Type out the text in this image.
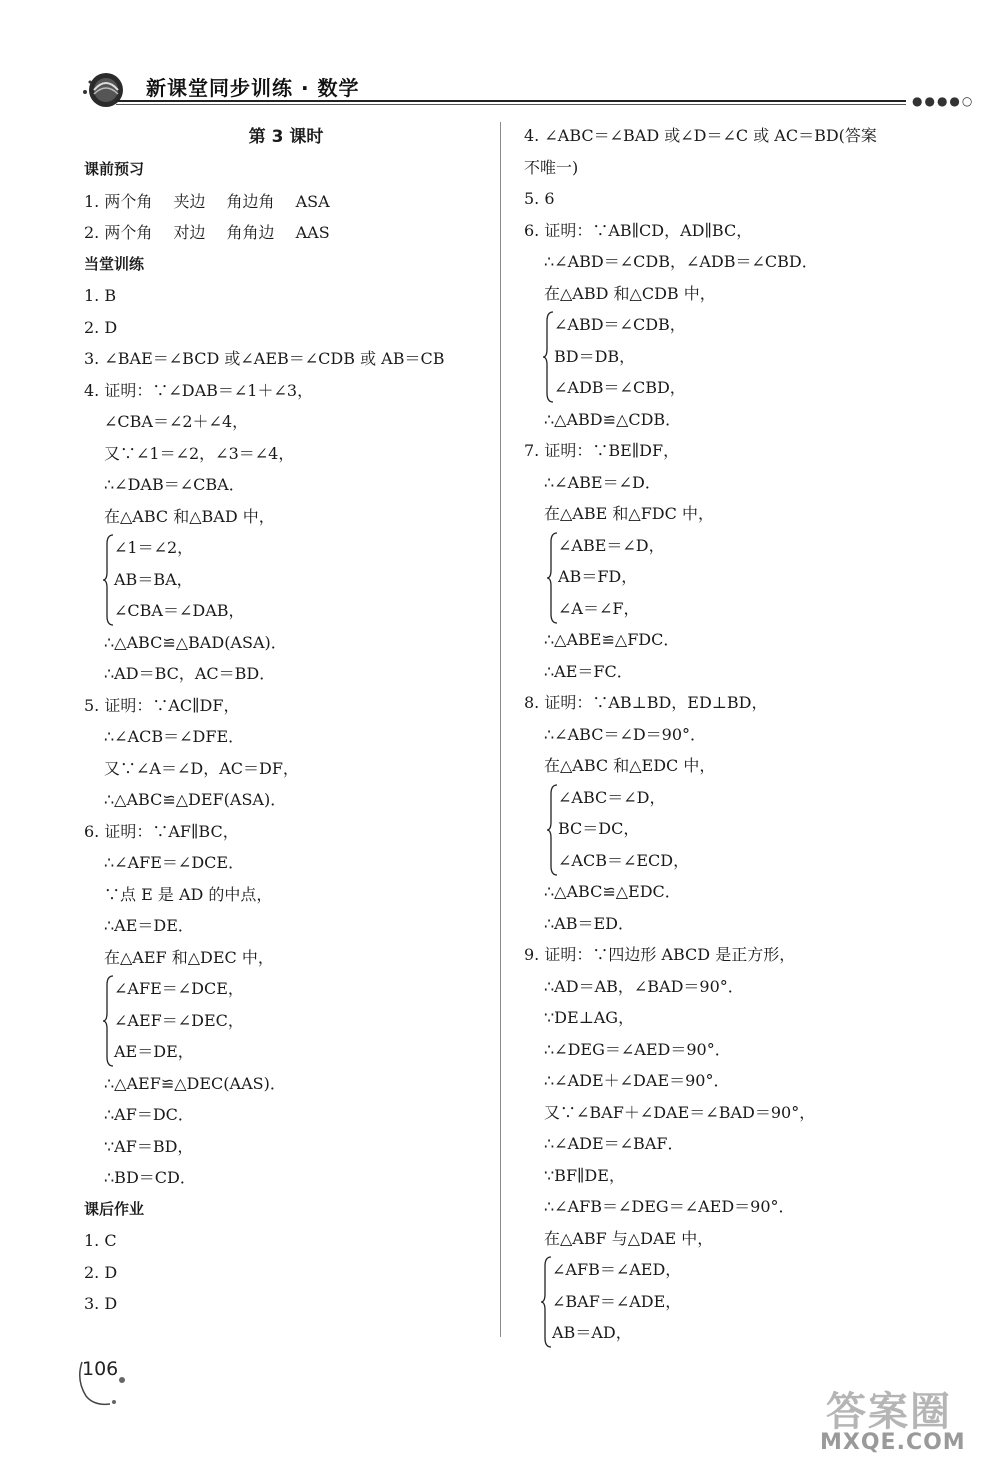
新课堂同步训练 · 数学
●●●●○
第 3 课时
课前预习
1. 两个角　 夹边　 角边角　 ASA
2. 两个角　 对边　 角角边　 AAS
当堂训练
1. B
2. D
3. ∠BAE＝∠BCD 或∠AEB＝∠CDB 或 AB＝CB
4. 证明：∵∠DAB＝∠1＋∠3，
∠CBA＝∠2＋∠4，
又∵∠1＝∠2，∠3＝∠4，
∴∠DAB＝∠CBA．
在△ABC 和△BAD 中，
∠1＝∠2，
AB＝BA，
∠CBA＝∠DAB，
∴△ABC≌△BAD(ASA)．
∴AD＝BC，AC＝BD．
5. 证明：∵AC∥DF，
∴∠ACB＝∠DFE．
又∵∠A＝∠D，AC＝DF，
∴△ABC≌△DEF(ASA)．
6. 证明：∵AF∥BC，
∴∠AFE＝∠DCE．
∵点 E 是 AD 的中点，
∴AE＝DE．
在△AEF 和△DEC 中，
∠AFE＝∠DCE，
∠AEF＝∠DEC，
AE＝DE，
∴△AEF≌△DEC(AAS)．
∴AF＝DC．
∵AF＝BD，
∴BD＝CD．
课后作业
1. C
2. D
3. D
4. ∠ABC＝∠BAD 或∠D＝∠C 或 AC＝BD(答案
不唯一)
5. 6
6. 证明：∵AB∥CD，AD∥BC，
∴∠ABD＝∠CDB，∠ADB＝∠CBD．
在△ABD 和△CDB 中，
∠ABD＝∠CDB，
BD＝DB，
∠ADB＝∠CBD，
∴△ABD≌△CDB．
7. 证明：∵BE∥DF，
∴∠ABE＝∠D．
在△ABE 和△FDC 中，
∠ABE＝∠D，
AB＝FD，
∠A＝∠F，
∴△ABE≌△FDC．
∴AE＝FC．
8. 证明：∵AB⊥BD，ED⊥BD，
∴∠ABC＝∠D＝90°．
在△ABC 和△EDC 中，
∠ABC＝∠D，
BC＝DC，
∠ACB＝∠ECD，
∴△ABC≌△EDC．
∴AB＝ED．
9. 证明：∵四边形 ABCD 是正方形，
∴AD＝AB，∠BAD＝90°．
∵DE⊥AG，
∴∠DEG＝∠AED＝90°．
∴∠ADE＋∠DAE＝90°．
又∵∠BAF＋∠DAE＝∠BAD＝90°，
∴∠ADE＝∠BAF．
∵BF∥DE，
∴∠AFB＝∠DEG＝∠AED＝90°．
在△ABF 与△DAE 中，
∠AFB＝∠AED，
∠BAF＝∠ADE，
AB＝AD，
106
答案圈
MXQE.COM
